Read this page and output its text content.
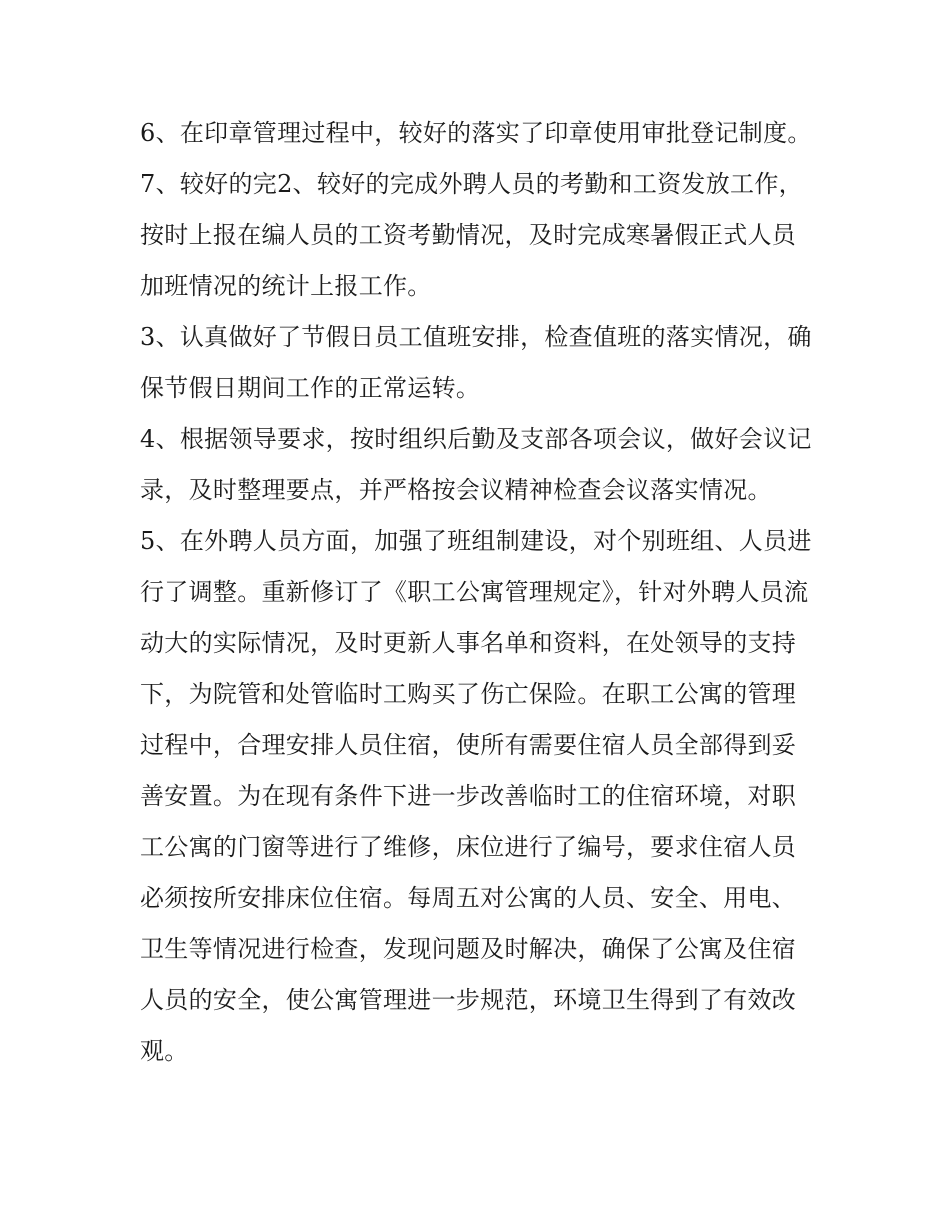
6、在印章管理过程中，较好的落实了印章使用审批登记制度。

7、较好的完2、较好的完成外聘人员的考勤和工资发放工作，按时上报在编人员的工资考勤情况，及时完成寒暑假正式人员加班情况的统计上报工作。

3、认真做好了节假日员工值班安排，检查值班的落实情况，确保节假日期间工作的正常运转。

4、根据领导要求，按时组织后勤及支部各项会议，做好会议记录，及时整理要点，并严格按会议精神检查会议落实情况。

5、在外聘人员方面，加强了班组制建设，对个别班组、人员进行了调整。重新修订了《职工公寓管理规定》，针对外聘人员流动大的实际情况，及时更新人事名单和资料，在处领导的支持下，为院管和处管临时工购买了伤亡保险。在职工公寓的管理过程中，合理安排人员住宿，使所有需要住宿人员全部得到妥善安置。为在现有条件下进一步改善临时工的住宿环境，对职工公寓的门窗等进行了维修，床位进行了编号，要求住宿人员必须按所安排床位住宿。每周五对公寓的人员、安全、用电、卫生等情况进行检查，发现问题及时解决，确保了公寓及住宿人员的安全，使公寓管理进一步规范，环境卫生得到了有效改观。
